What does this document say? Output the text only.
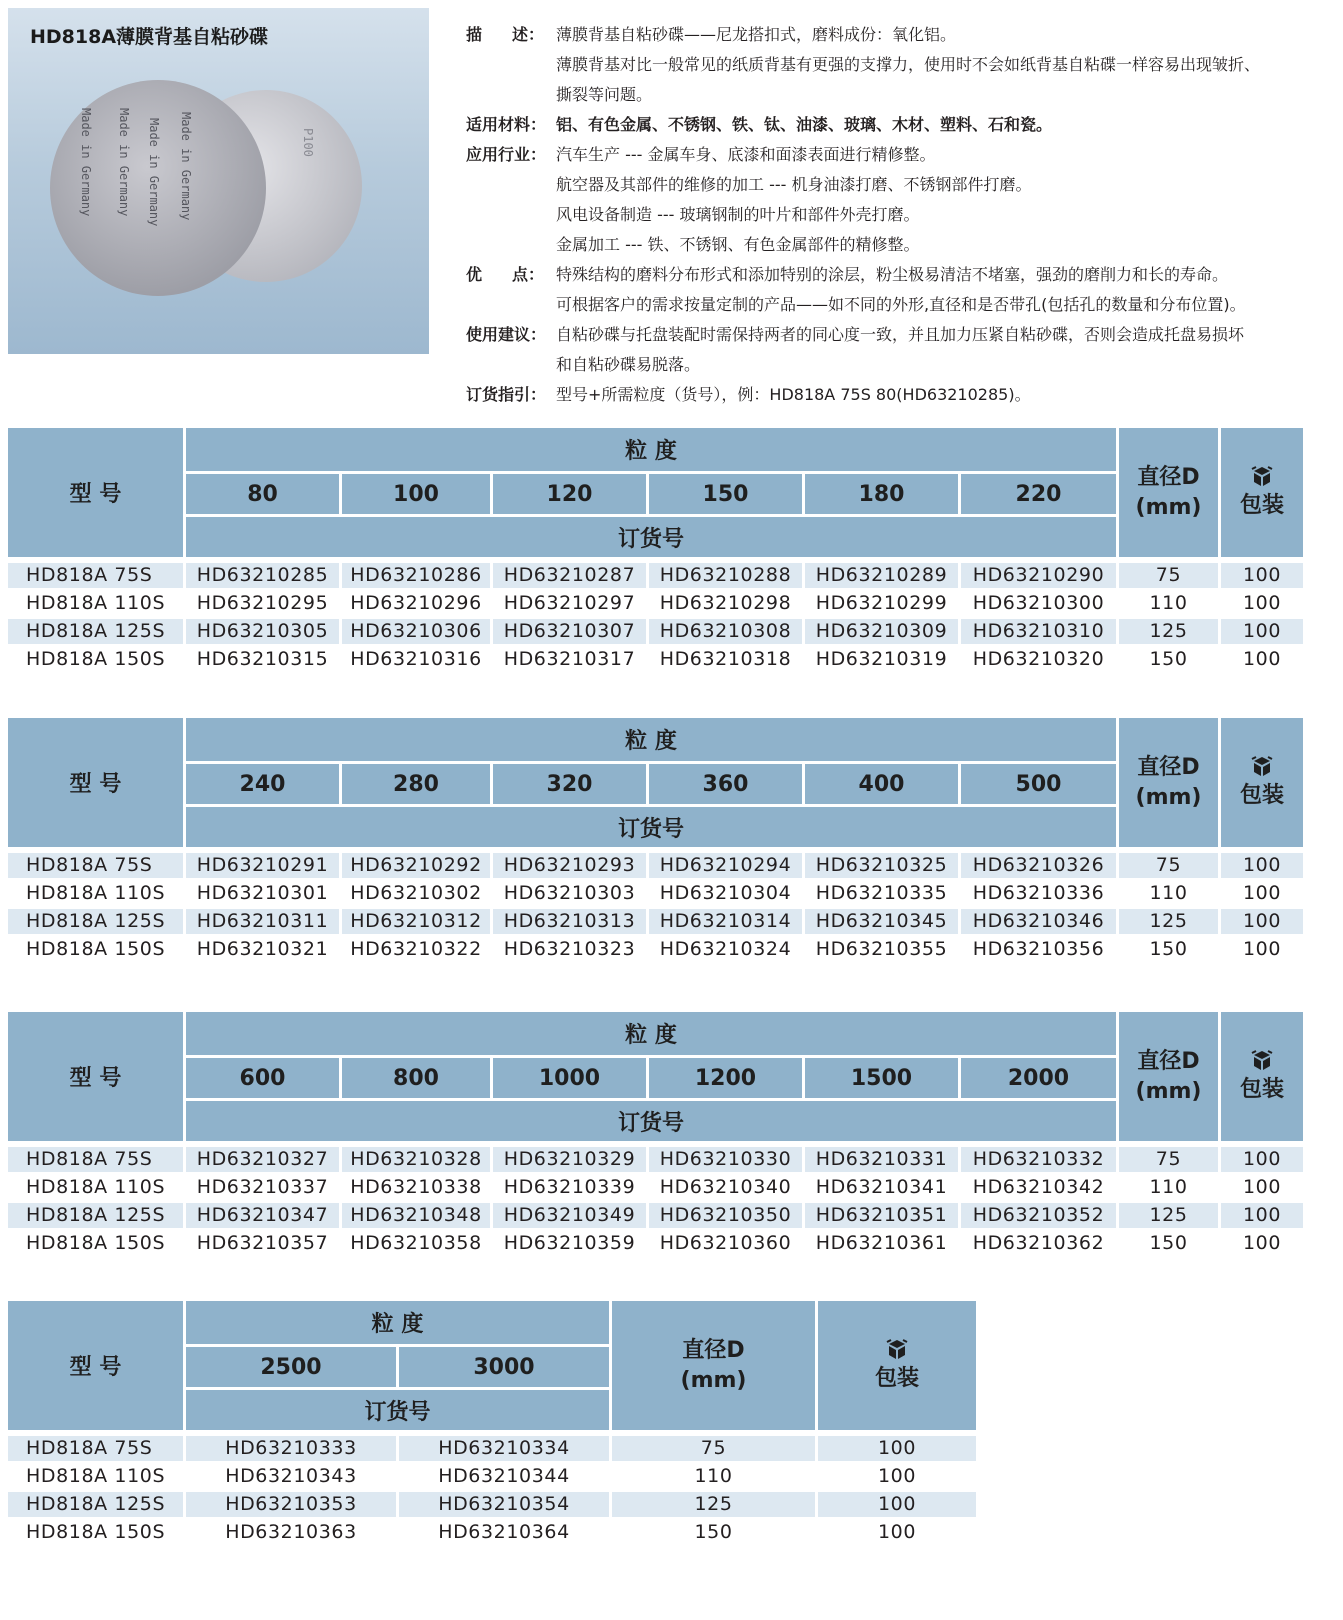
Made in Germany Made in Germany Made in Germany Made in Germany	P100
HD818A薄膜背基自粘砂碟	描 述： 薄膜背基自粘砂碟——尼龙搭扣式，磨料成份：氧化铝。
薄膜背基对比一般常见的纸质背基有更强的支撑力，使用时不会如纸背基自粘碟一样容易出现皱折、
撕裂等问题。
适用材料： 铝、有色金属、不锈钢、铁、钛、油漆、玻璃、木材、塑料、石和瓷。
应用行业： 汽车生产 --- 金属车身、底漆和面漆表面进行精修整。
航空器及其部件的维修的加工 --- 机身油漆打磨、不锈钢部件打磨。
风电设备制造 --- 玻璃钢制的叶片和部件外壳打磨。
金属加工 --- 铁、不锈钢、有色金属部件的精修整。
优 点： 特殊结构的磨料分布形式和添加特别的涂层，粉尘极易清洁不堵塞，强劲的磨削力和长的寿命。
可根据客户的需求按量定制的产品——如不同的外形,直径和是否带孔(包括孔的数量和分布位置)。
使用建议： 自粘砂碟与托盘装配时需保持两者的同心度一致，并且加力压紧自粘砂碟，否则会造成托盘易损坏
和自粘砂碟易脱落。
订货指引： 型号+所需粒度（货号），例：HD818A 75S 80(HD63210285)。
型 号	粒 度						直径D
(mm)	包装

	80	100	120	150	180	220		
	订货号							

HD818A 75S	HD63210285	HD63210286	HD63210287	HD63210288	HD63210289	HD63210290	75	100
HD818A 110S	HD63210295	HD63210296	HD63210297	HD63210298	HD63210299	HD63210300	110	100
HD818A 125S	HD63210305	HD63210306	HD63210307	HD63210308	HD63210309	HD63210310	125	100
HD818A 150S	HD63210315	HD63210316	HD63210317	HD63210318	HD63210319	HD63210320	150	100
型 号	粒 度						直径D
(mm)	包装

	240	280	320	360	400	500		
	订货号							

HD818A 75S	HD63210291	HD63210292	HD63210293	HD63210294	HD63210325	HD63210326	75	100
HD818A 110S	HD63210301	HD63210302	HD63210303	HD63210304	HD63210335	HD63210336	110	100
HD818A 125S	HD63210311	HD63210312	HD63210313	HD63210314	HD63210345	HD63210346	125	100
HD818A 150S	HD63210321	HD63210322	HD63210323	HD63210324	HD63210355	HD63210356	150	100
型 号	粒 度						直径D
(mm)	包装

	600	800	1000	1200	1500	2000		
	订货号							

HD818A 75S	HD63210327	HD63210328	HD63210329	HD63210330	HD63210331	HD63210332	75	100
HD818A 110S	HD63210337	HD63210338	HD63210339	HD63210340	HD63210341	HD63210342	110	100
HD818A 125S	HD63210347	HD63210348	HD63210349	HD63210350	HD63210351	HD63210352	125	100
HD818A 150S	HD63210357	HD63210358	HD63210359	HD63210360	HD63210361	HD63210362	150	100
型 号	粒 度		直径D
(mm)	包装

	2500	3000		
	订货号			

HD818A 75S	HD63210333	HD63210334	75	100
HD818A 110S	HD63210343	HD63210344	110	100
HD818A 125S	HD63210353	HD63210354	125	100
HD818A 150S	HD63210363	HD63210364	150	100
